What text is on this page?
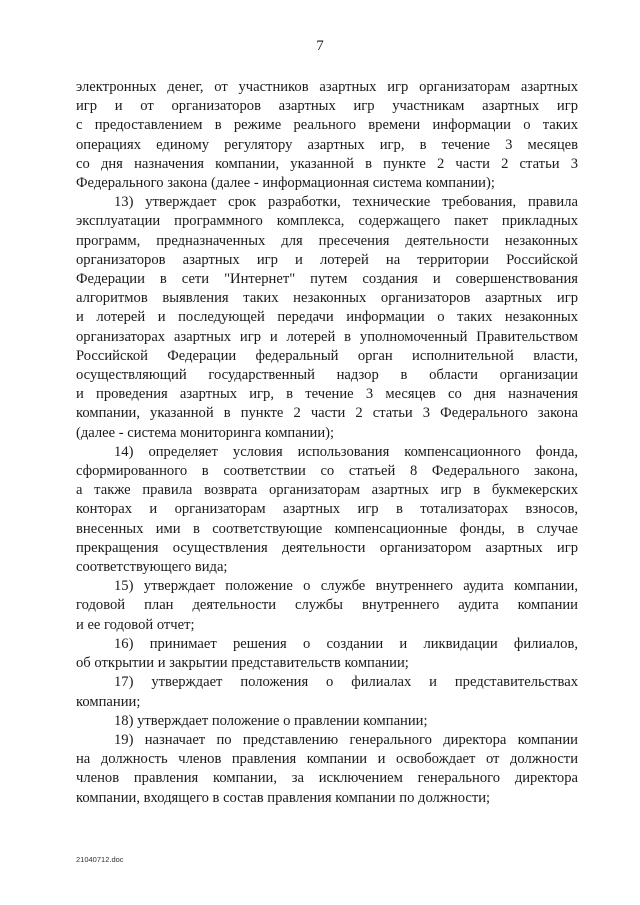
7

электронных денег, от участников азартных игр организаторам азартных
игр и от организаторов азартных игр участникам азартных игр
с предоставлением в режиме реального времени информации о таких
операциях единому регулятору азартных игр, в течение 3 месяцев
со дня назначения компании, указанной в пункте 2 части 2 статьи 3
Федерального закона (далее - информационная система компании);

13) утверждает срок разработки, технические требования, правила
эксплуатации программного комплекса, содержащего пакет прикладных
программ, предназначенных для пресечения деятельности незаконных
организаторов азартных игр и лотерей на территории Российской
Федерации в сети "Интернет" путем создания и совершенствования
алгоритмов выявления таких незаконных организаторов азартных игр
и лотерей и последующей передачи информации о таких незаконных
организаторах азартных игр и лотерей в уполномоченный Правительством
Российской Федерации федеральный орган исполнительной власти,
осуществляющий государственный надзор в области организации
и проведения азартных игр, в течение 3 месяцев со дня назначения
компании, указанной в пункте 2 части 2 статьи 3 Федерального закона
(далее - система мониторинга компании);

14) определяет условия использования компенсационного фонда,
сформированного в соответствии со статьей 8 Федерального закона,
а также правила возврата организаторам азартных игр в букмекерских
конторах и организаторам азартных игр в тотализаторах взносов,
внесенных ими в соответствующие компенсационные фонды, в случае
прекращения осуществления деятельности организатором азартных игр
соответствующего вида;

15) утверждает положение о службе внутреннего аудита компании,
годовой план деятельности службы внутреннего аудита компании
и ее годовой отчет;

16) принимает решения о создании и ликвидации филиалов,
об открытии и закрытии представительств компании;

17) утверждает положения о филиалах и представительствах
компании;

18) утверждает положение о правлении компании;

19) назначает по представлению генерального директора компании
на должность членов правления компании и освобождает от должности
членов правления компании, за исключением генерального директора
компании, входящего в состав правления компании по должности;

21040712.doc
